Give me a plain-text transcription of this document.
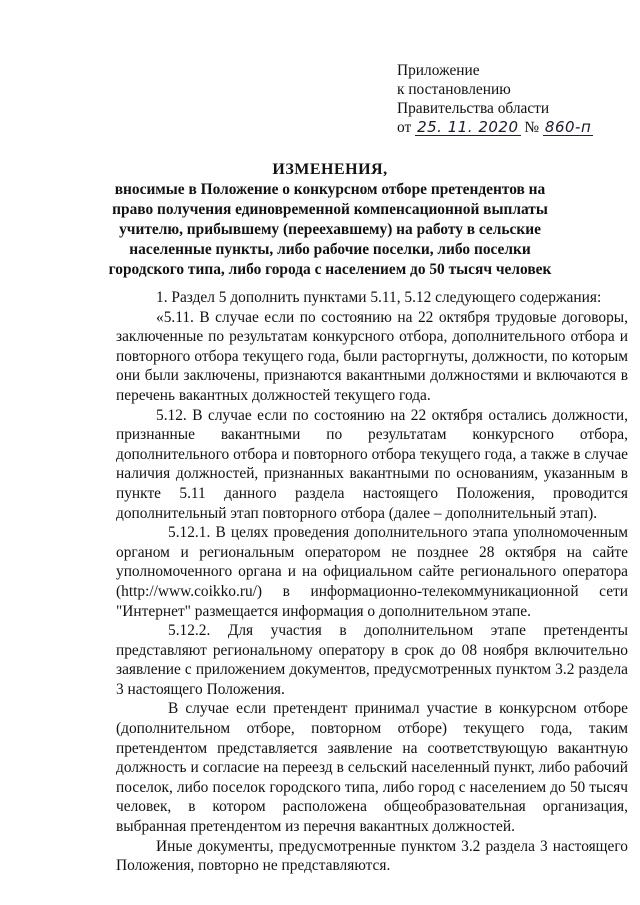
Приложение
к постановлению
Правительства области
от 25. 11. 2020 № 860-п
ИЗМЕНЕНИЯ,
вносимые в Положение о конкурсном отборе претендентов на право получения единовременной компенсационной выплаты учителю, прибывшему (переехавшему) на работу в сельские населенные пункты, либо рабочие поселки, либо поселки городского типа, либо города с населением до 50 тысяч человек

1. Раздел 5 дополнить пунктами 5.11, 5.12 следующего содержания:

«5.11. В случае если по состоянию на 22 октября трудовые договоры, заключенные по результатам конкурсного отбора, дополнительного отбора и повторного отбора текущего года, были расторгнуты, должности, по которым они были заключены, признаются вакантными должностями и включаются в перечень вакантных должностей текущего года.

5.12. В случае если по состоянию на 22 октября остались должности, признанные вакантными по результатам конкурсного отбора, дополнительного отбора и повторного отбора текущего года, а также в случае наличия должностей, признанных вакантными по основаниям, указанным в пункте 5.11 данного раздела настоящего Положения, проводится дополнительный этап повторного отбора (далее – дополнительный этап).

5.12.1. В целях проведения дополнительного этапа уполномоченным органом и региональным оператором не позднее 28 октября на сайте уполномоченного органа и на официальном сайте регионального оператора (http://www.coikko.ru/) в информационно-телекоммуникационной сети "Интернет" размещается информация о дополнительном этапе.

5.12.2. Для участия в дополнительном этапе претенденты представляют региональному оператору в срок до 08 ноября включительно заявление с приложением документов, предусмотренных пунктом 3.2 раздела 3 настоящего Положения.

В случае если претендент принимал участие в конкурсном отборе (дополнительном отборе, повторном отборе) текущего года, таким претендентом представляется заявление на соответствующую вакантную должность и согласие на переезд в сельский населенный пункт, либо рабочий поселок, либо поселок городского типа, либо город с населением до 50 тысяч человек, в котором расположена общеобразовательная организация, выбранная претендентом из перечня вакантных должностей.

Иные документы, предусмотренные пунктом 3.2 раздела 3 настоящего Положения, повторно не представляются.
